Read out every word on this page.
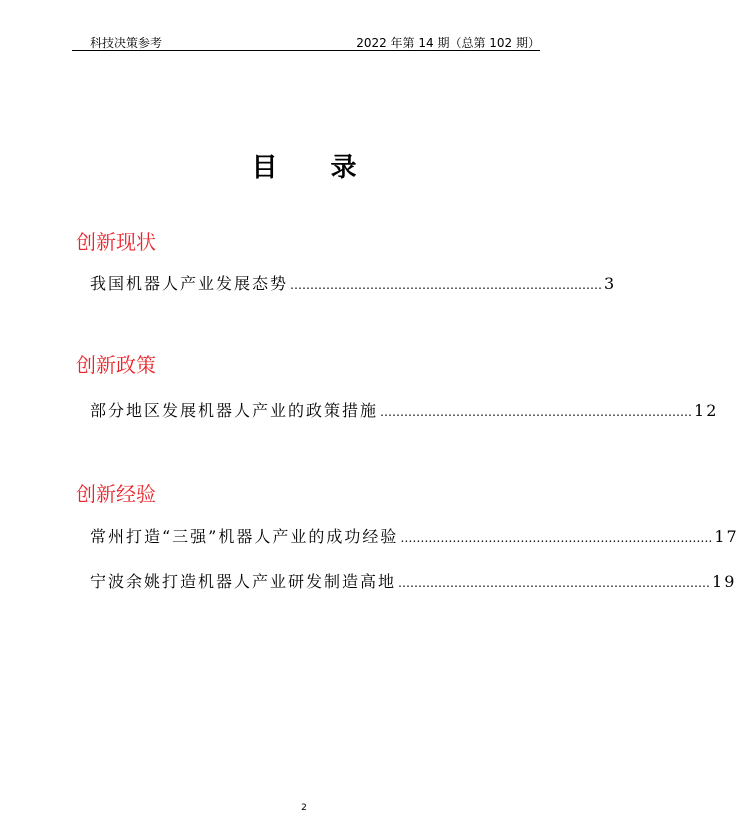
科技决策参考	2022 年第 14 期（总第 102 期）
目 录
创新现状
我国机器人产业发展态势 …………………………………………………………………… 3
创新政策
部分地区发展机器人产业的政策措施 …………………………………………………………………… 12
创新经验
常州打造“三强”机器人产业的成功经验 …………………………………………………………………… 17
宁波余姚打造机器人产业研发制造高地 …………………………………………………………………… 19
2
